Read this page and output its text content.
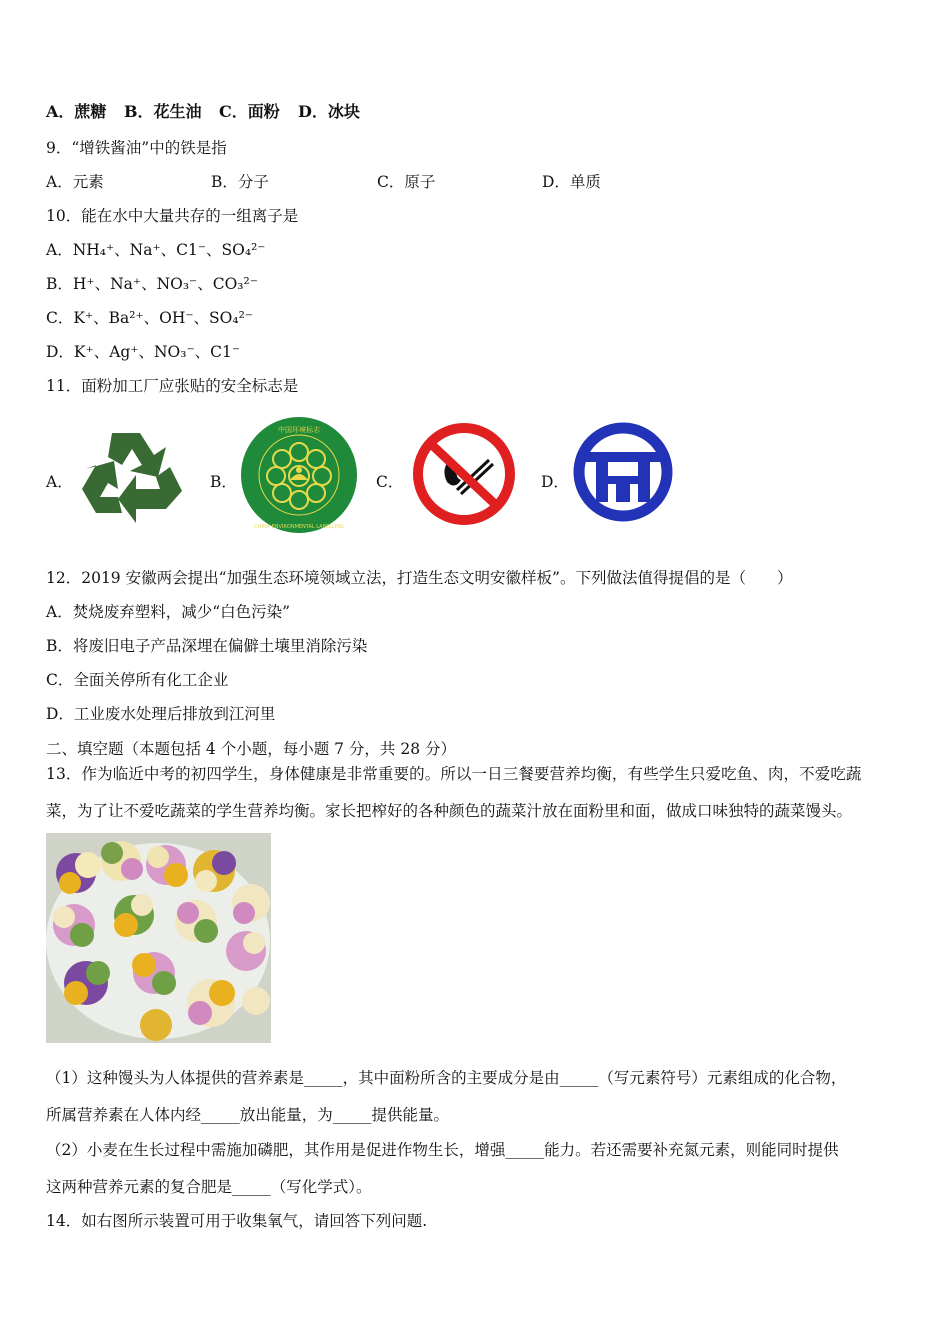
A．蔗糖 B．花生油 C．面粉 D．冰块
9．“增铁酱油”中的铁是指
A．元素	B．分子	C．原子	D．单质
10．能在水中大量共存的一组离子是
A．NH₄⁺、Na⁺、C1⁻、SO₄²⁻
B．H⁺、Na⁺、NO₃⁻、CO₃²⁻
C．K⁺、Ba²⁺、OH⁻、SO₄²⁻
D．K⁺、Ag⁺、NO₃⁻、C1⁻
11．面粉加工厂应张贴的安全标志是
A．	B．	C．	D．
中国环境标志
CHINA ENVIRONMENTAL LABELLING
12．2019 安徽两会提出“加强生态环境领域立法，打造生态文明安徽样板”。下列做法值得提倡的是（　　）
A．焚烧废弃塑料，减少“白色污染”
B．将废旧电子产品深埋在偏僻土壤里消除污染
C．全面关停所有化工企业
D．工业废水处理后排放到江河里
二、填空题（本题包括 4 个小题，每小题 7 分，共 28 分）
13．作为临近中考的初四学生，身体健康是非常重要的。所以一日三餐要营养均衡，有些学生只爱吃鱼、肉，不爱吃蔬
菜，为了让不爱吃蔬菜的学生营养均衡。家长把榨好的各种颜色的蔬菜汁放在面粉里和面，做成口味独特的蔬菜馒头。
（1）这种馒头为人体提供的营养素是_____，其中面粉所含的主要成分是由_____（写元素符号）元素组成的化合物，
所属营养素在人体内经_____放出能量，为_____提供能量。
（2）小麦在生长过程中需施加磷肥，其作用是促进作物生长，增强_____能力。若还需要补充氮元素，则能同时提供
这两种营养元素的复合肥是_____（写化学式）。
14．如右图所示装置可用于收集氧气，请回答下列问题.
